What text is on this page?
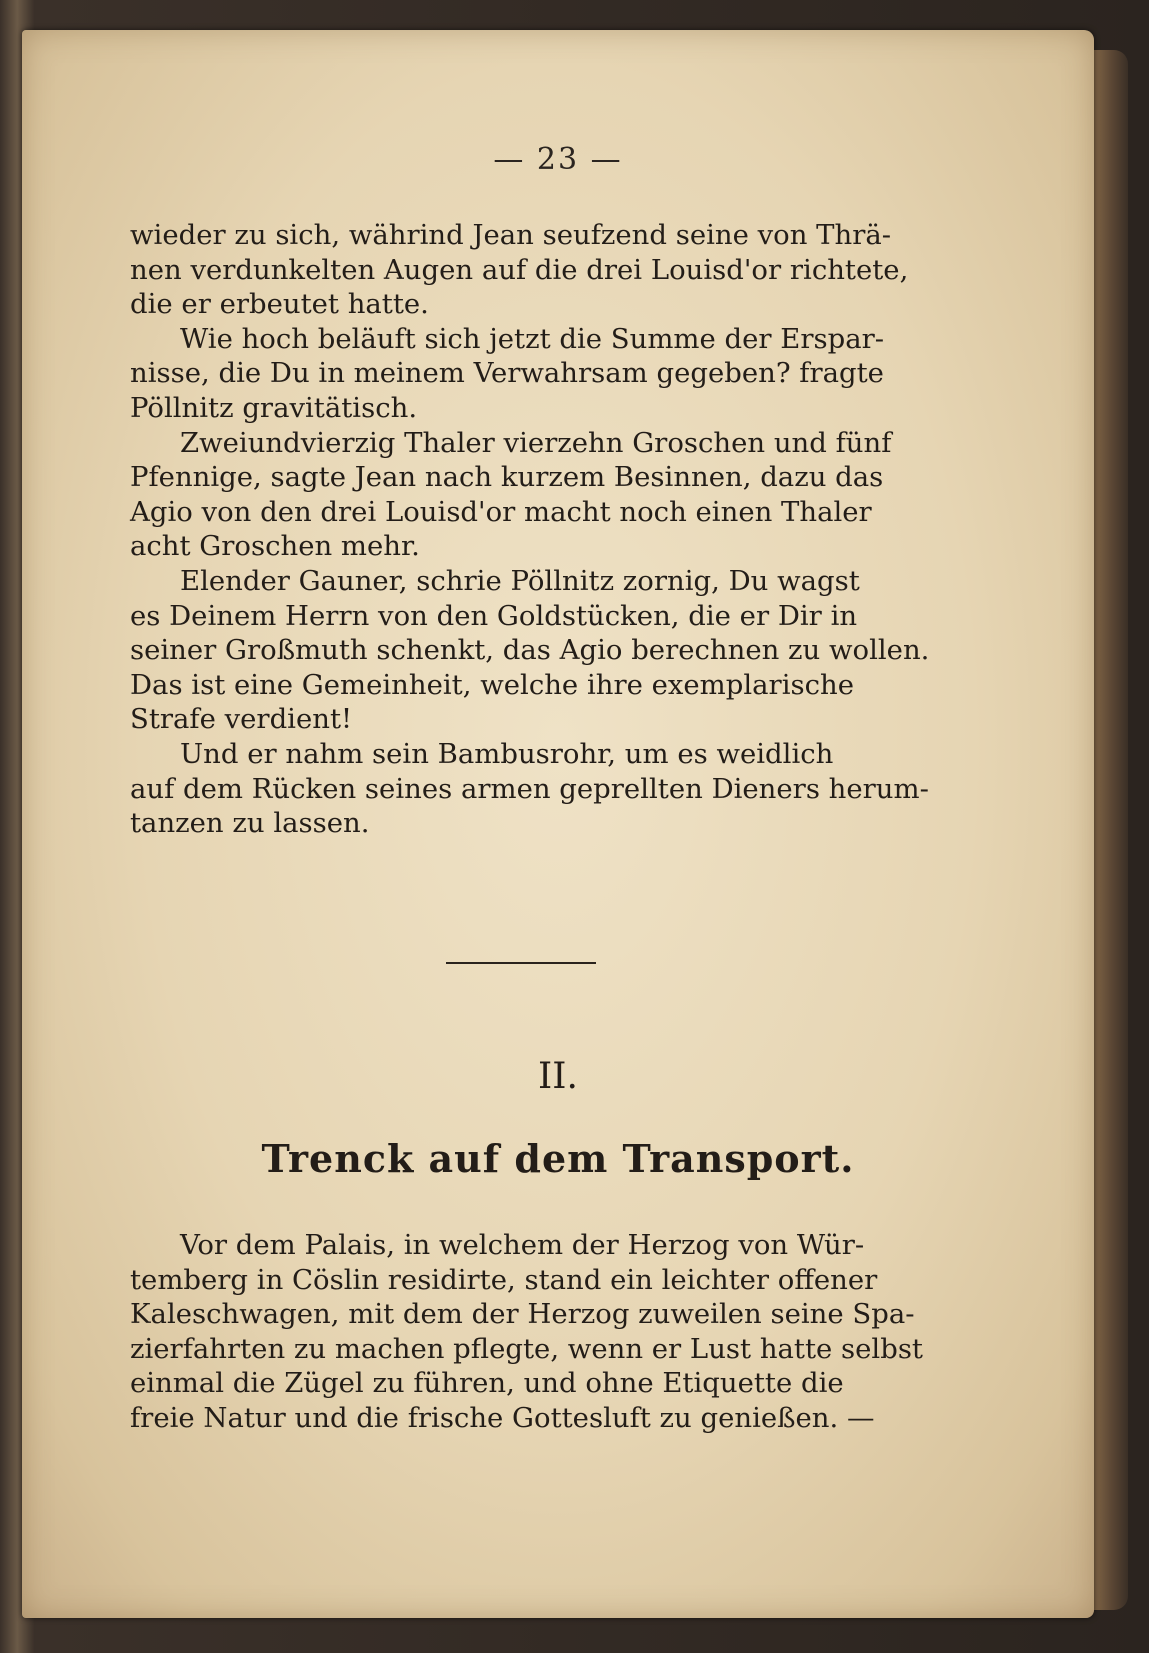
— 23 —
wieder zu sich, währind Jean seufzend seine von Thrä-
nen verdunkelten Augen auf die drei Louisd'or richtete,
die er erbeutet hatte.
Wie hoch beläuft sich jetzt die Summe der Erspar-
nisse, die Du in meinem Verwahrsam gegeben? fragte
Pöllnitz gravitätisch.
Zweiundvierzig Thaler vierzehn Groschen und fünf
Pfennige, sagte Jean nach kurzem Besinnen, dazu das
Agio von den drei Louisd'or macht noch einen Thaler
acht Groschen mehr.
Elender Gauner, schrie Pöllnitz zornig, Du wagst
es Deinem Herrn von den Goldstücken, die er Dir in
seiner Großmuth schenkt, das Agio berechnen zu wollen.
Das ist eine Gemeinheit, welche ihre exemplarische
Strafe verdient!
Und er nahm sein Bambusrohr, um es weidlich
auf dem Rücken seines armen geprellten Dieners herum-
tanzen zu lassen.
II.
Trenck auf dem Transport.
Vor dem Palais, in welchem der Herzog von Wür-
temberg in Cöslin residirte, stand ein leichter offener
Kaleschwagen, mit dem der Herzog zuweilen seine Spa-
zierfahrten zu machen pflegte, wenn er Lust hatte selbst
einmal die Zügel zu führen, und ohne Etiquette die
freie Natur und die frische Gottesluft zu genießen. —
